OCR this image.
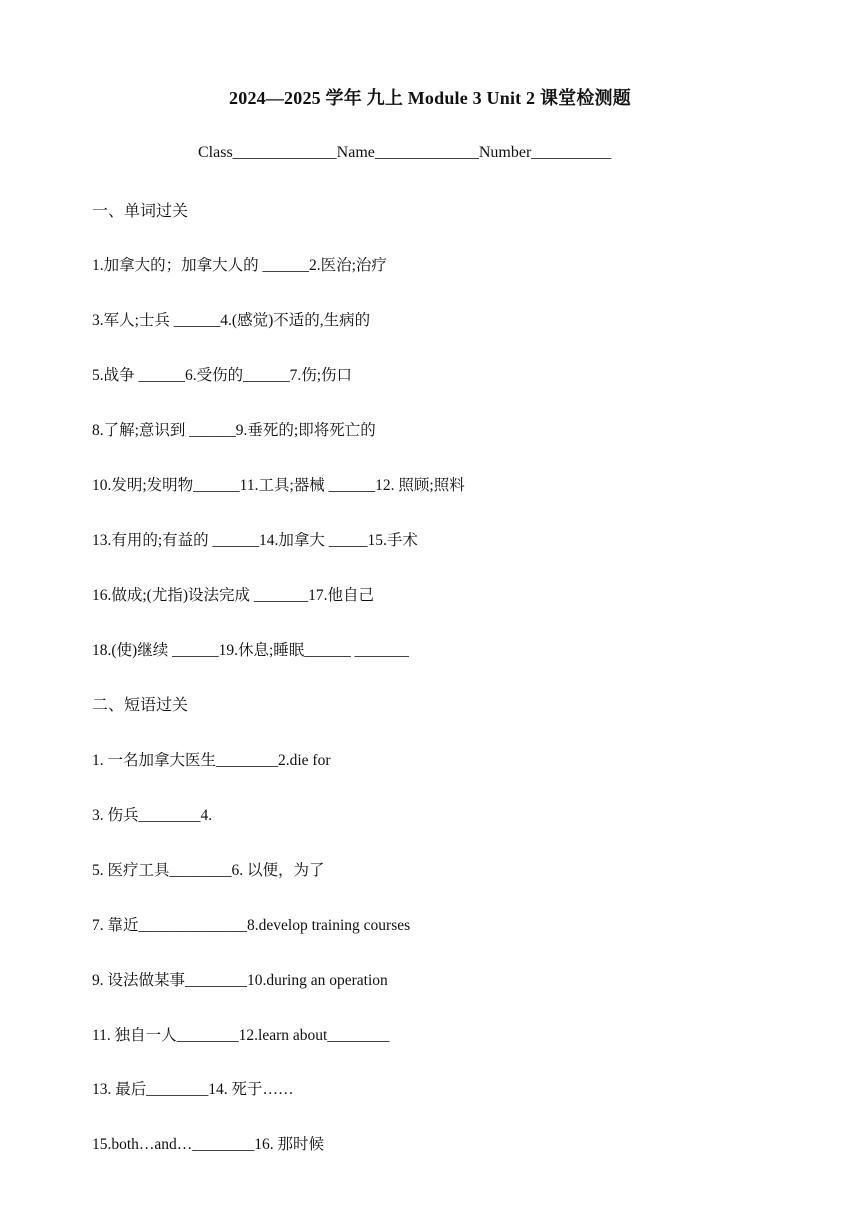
2024—2025 学年 九上 Module 3 Unit 2 课堂检测题
Class_____________Name_____________Number__________
一、单词过关
1.加拿大的；加拿大人的 ______2.医治;治疗
3.军人;士兵 ______4.(感觉)不适的,生病的
5.战争 ______6.受伤的______7.伤;伤口
8.了解;意识到 ______9.垂死的;即将死亡的
10.发明;发明物______11.工具;器械 ______12. 照顾;照料
13.有用的;有益的 ______14.加拿大 _____15.手术
16.做成;(尤指)设法完成 _______17.他自己
18.(使)继续 ______19.休息;睡眠______ _______
二、短语过关
1. 一名加拿大医生________2.die for
3. 伤兵________4.
5. 医疗工具________6. 以便，为了
7. 靠近______________8.develop training courses
9. 设法做某事________10.during an operation
11. 独自一人________12.learn about________
13. 最后________14. 死于……
15.both…and…________16. 那时候
